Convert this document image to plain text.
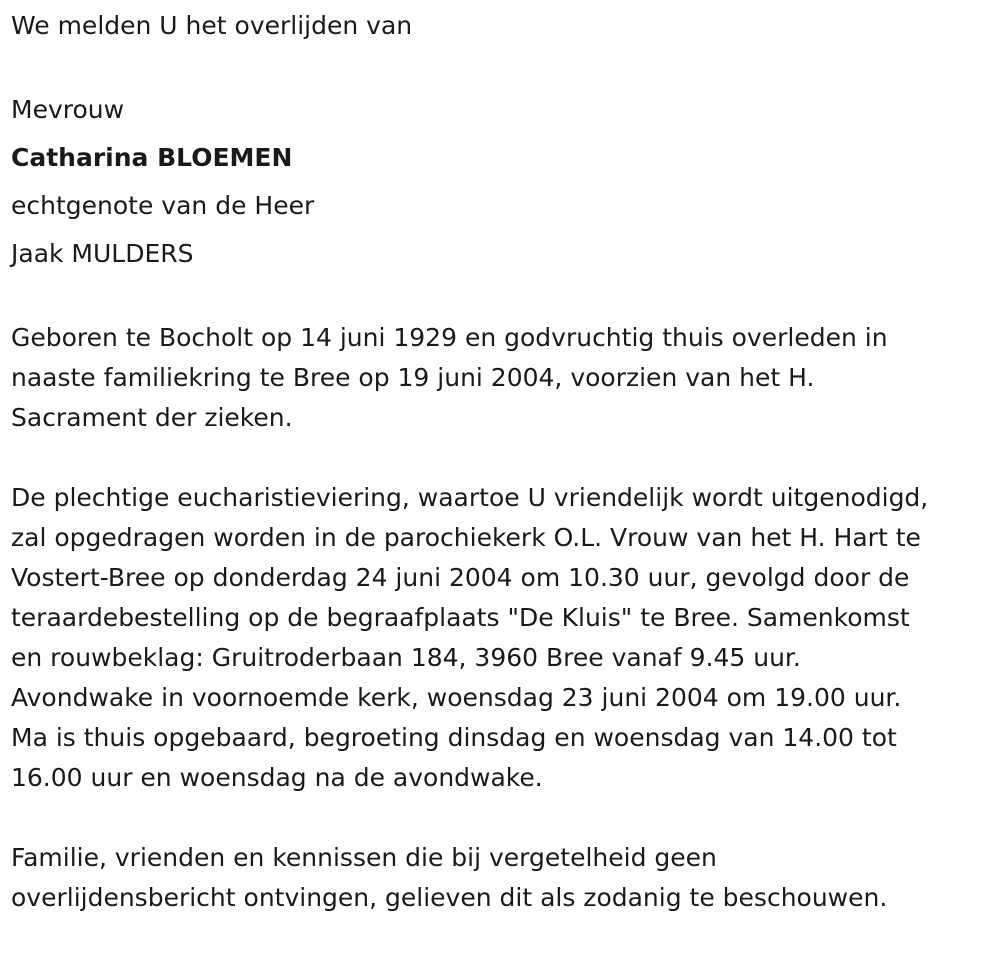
We melden U het overlijden van
Mevrouw
Catharina BLOEMEN
echtgenote van de Heer
Jaak MULDERS
Geboren te Bocholt op 14 juni 1929 en godvruchtig thuis overleden in
naaste familiekring te Bree op 19 juni 2004, voorzien van het H.
Sacrament der zieken.
De plechtige eucharistieviering, waartoe U vriendelijk wordt uitgenodigd,
zal opgedragen worden in de parochiekerk O.L. Vrouw van het H. Hart te
Vostert-Bree op donderdag 24 juni 2004 om 10.30 uur, gevolgd door de
teraardebestelling op de begraafplaats "De Kluis" te Bree. Samenkomst
en rouwbeklag: Gruitroderbaan 184, 3960 Bree vanaf 9.45 uur.
Avondwake in voornoemde kerk, woensdag 23 juni 2004 om 19.00 uur.
Ma is thuis opgebaard, begroeting dinsdag en woensdag van 14.00 tot
16.00 uur en woensdag na de avondwake.
Familie, vrienden en kennissen die bij vergetelheid geen
overlijdensbericht ontvingen, gelieven dit als zodanig te beschouwen.
